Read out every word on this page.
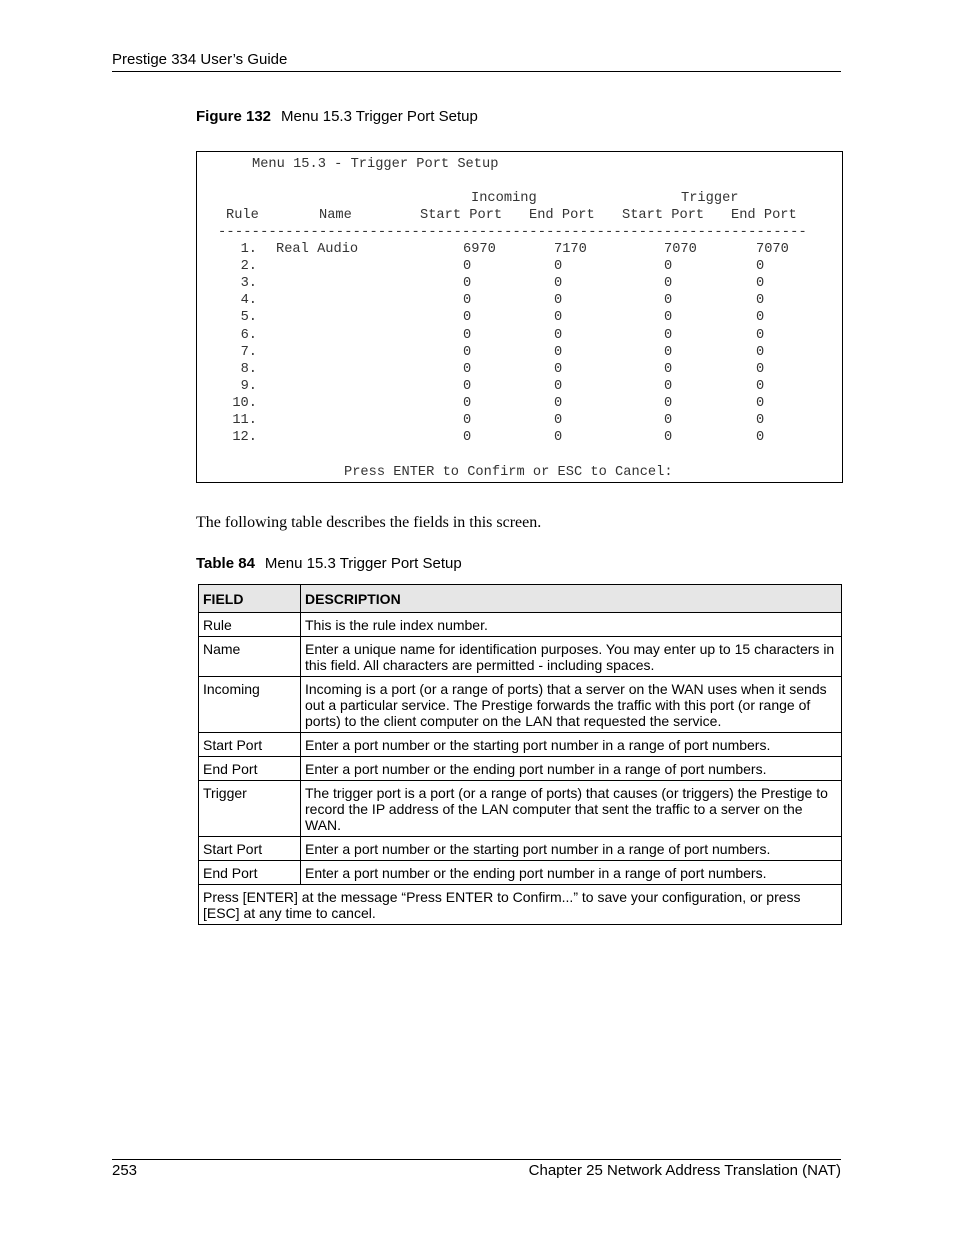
Prestige 334 User’s Guide
Figure 132 Menu 15.3 Trigger Port Setup
Menu 15.3 - Trigger Port Setup
Incoming	Trigger
Rule	Name	Start Port End Port Start Port End Port
----------------------------------------------------------------------
1. Real Audio	6970	7170	7070	7070
2.	0	0	0	0
3.	0	0	0	0
4.	0	0	0	0
5.	0	0	0	0
6.	0	0	0	0
7.	0	0	0	0
8.	0	0	0	0
9.	0	0	0	0
10.	0	0	0	0
11.	0	0	0	0
12.	0	0	0	0
Press ENTER to Confirm or ESC to Cancel:
The following table describes the fields in this screen.
Table 84 Menu 15.3 Trigger Port Setup
FIELD	DESCRIPTION
Rule	This is the rule index number.
Name	Enter a unique name for identification purposes. You may enter up to 15 characters in this field. All characters are permitted - including spaces.
Incoming	Incoming is a port (or a range of ports) that a server on the WAN uses when it sends out a particular service. The Prestige forwards the traffic with this port (or range of ports) to the client computer on the LAN that requested the service.
Start Port	Enter a port number or the starting port number in a range of port numbers.
End Port	Enter a port number or the ending port number in a range of port numbers.
Trigger	The trigger port is a port (or a range of ports) that causes (or triggers) the Prestige to record the IP address of the LAN computer that sent the traffic to a server on the WAN.
Start Port	Enter a port number or the starting port number in a range of port numbers.
End Port	Enter a port number or the ending port number in a range of port numbers.
Press [ENTER] at the message “Press ENTER to Confirm...” to save your configuration, or press [ESC] at any time to cancel.	
253	Chapter 25 Network Address Translation (NAT)
